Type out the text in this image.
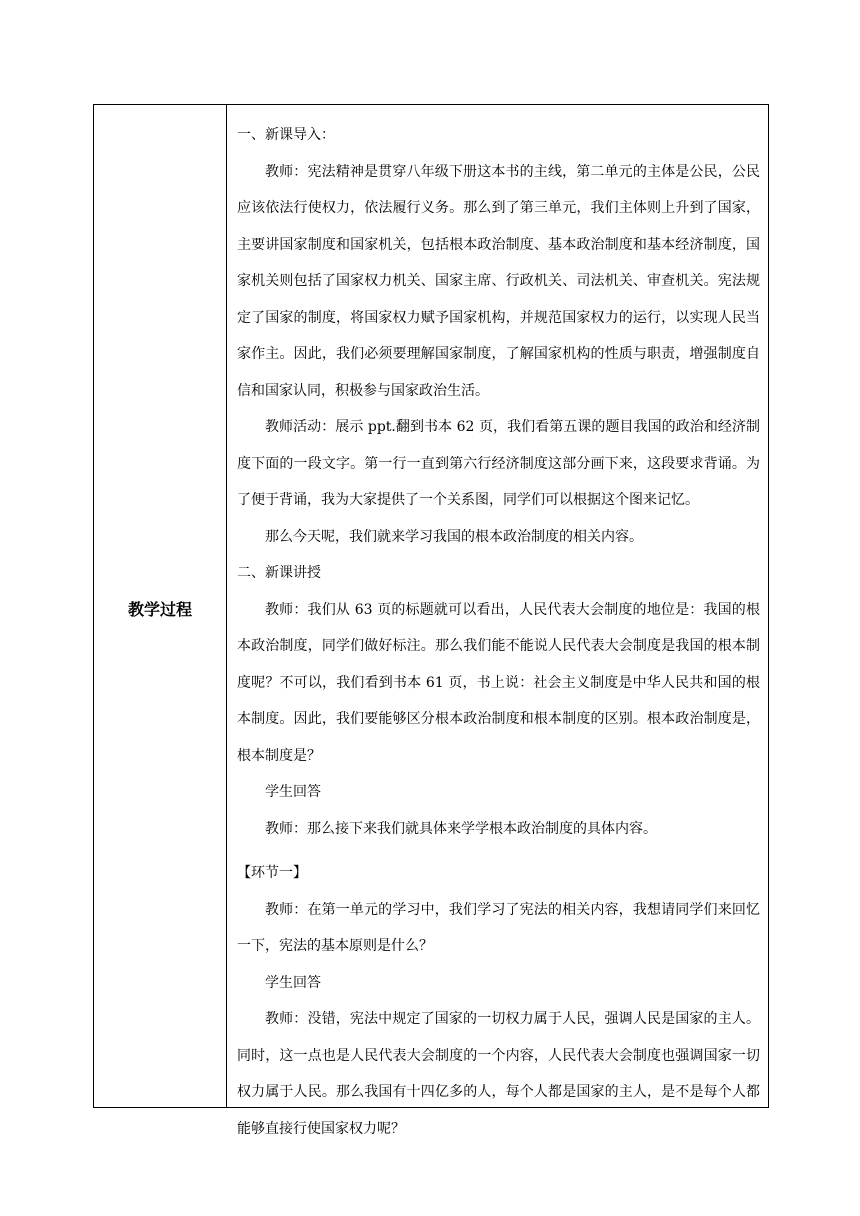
教学过程

一、新课导入：

教师：宪法精神是贯穿八年级下册这本书的主线，第二单元的主体是公民，公民应该依法行使权力，依法履行义务。那么到了第三单元，我们主体则上升到了国家，主要讲国家制度和国家机关，包括根本政治制度、基本政治制度和基本经济制度，国家机关则包括了国家权力机关、国家主席、行政机关、司法机关、审查机关。宪法规定了国家的制度，将国家权力赋予国家机构，并规范国家权力的运行，以实现人民当家作主。因此，我们必须要理解国家制度，了解国家机构的性质与职责，增强制度自信和国家认同，积极参与国家政治生活。

教师活动：展示 ppt.翻到书本 62 页，我们看第五课的题目我国的政治和经济制度下面的一段文字。第一行一直到第六行经济制度这部分画下来，这段要求背诵。为了便于背诵，我为大家提供了一个关系图，同学们可以根据这个图来记忆。

那么今天呢，我们就来学习我国的根本政治制度的相关内容。

二、新课讲授

教师：我们从 63 页的标题就可以看出，人民代表大会制度的地位是：我国的根本政治制度，同学们做好标注。那么我们能不能说人民代表大会制度是我国的根本制度呢？不可以，我们看到书本 61 页，书上说：社会主义制度是中华人民共和国的根本制度。因此，我们要能够区分根本政治制度和根本制度的区别。根本政治制度是，根本制度是？

学生回答

教师：那么接下来我们就具体来学学根本政治制度的具体内容。

【环节一】

教师：在第一单元的学习中，我们学习了宪法的相关内容，我想请同学们来回忆一下，宪法的基本原则是什么？

学生回答

教师：没错，宪法中规定了国家的一切权力属于人民，强调人民是国家的主人。同时，这一点也是人民代表大会制度的一个内容，人民代表大会制度也强调国家一切权力属于人民。那么我国有十四亿多的人，每个人都是国家的主人，是不是每个人都能够直接行使国家权力呢？
